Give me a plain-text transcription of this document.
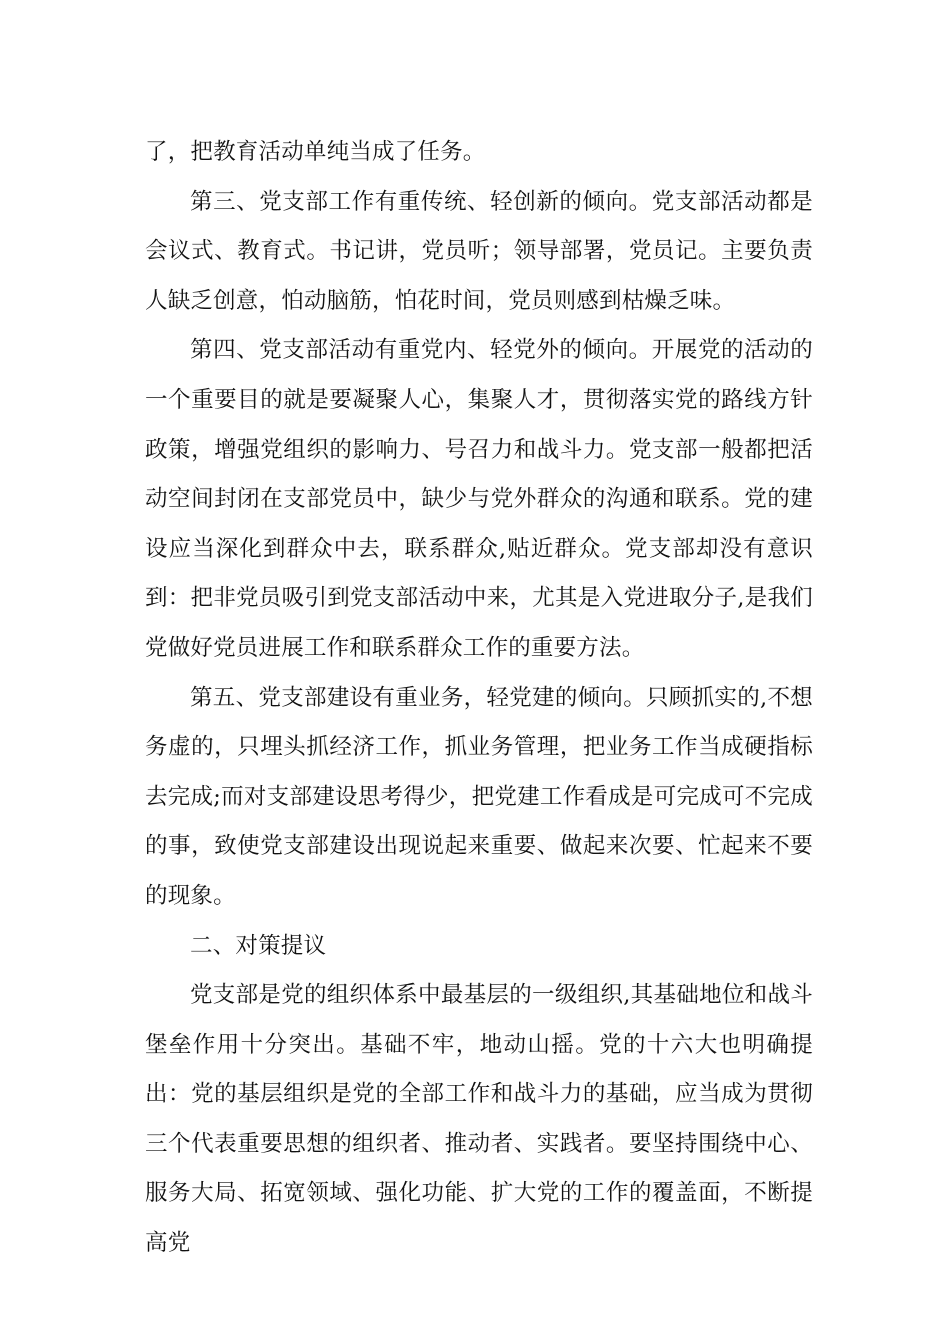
了，把教育活动单纯当成了任务。

第三、党支部工作有重传统、轻创新的倾向。党支部活动都是会议式、教育式。书记讲，党员听；领导部署，党员记。主要负责人缺乏创意，怕动脑筋，怕花时间，党员则感到枯燥乏味。

第四、党支部活动有重党内、轻党外的倾向。开展党的活动的一个重要目的就是要凝聚人心，集聚人才，贯彻落实党的路线方针政策，增强党组织的影响力、号召力和战斗力。党支部一般都把活动空间封闭在支部党员中，缺少与党外群众的沟通和联系。党的建设应当深化到群众中去，联系群众,贴近群众。党支部却没有意识到：把非党员吸引到党支部活动中来，尤其是入党进取分子,是我们党做好党员进展工作和联系群众工作的重要方法。

第五、党支部建设有重业务，轻党建的倾向。只顾抓实的,不想务虚的，只埋头抓经济工作，抓业务管理，把业务工作当成硬指标去完成;而对支部建设思考得少，把党建工作看成是可完成可不完成的事，致使党支部建设出现说起来重要、做起来次要、忙起来不要的现象。

二、对策提议

党支部是党的组织体系中最基层的一级组织,其基础地位和战斗堡垒作用十分突出。基础不牢，地动山摇。党的十六大也明确提出：党的基层组织是党的全部工作和战斗力的基础，应当成为贯彻三个代表重要思想的组织者、推动者、实践者。要坚持围绕中心、服务大局、拓宽领域、强化功能、扩大党的工作的覆盖面，不断提高党
